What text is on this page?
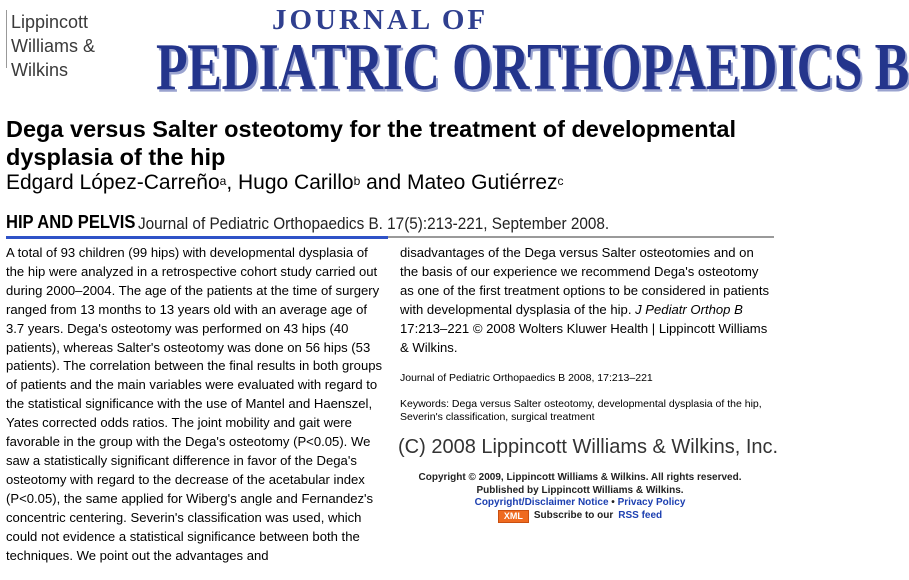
Lippincott
Williams & Wilkins
JOURNAL OF
PEDIATRIC ORTHOPAEDICS B
Dega versus Salter osteotomy for the treatment of developmental dysplasia of the hip
Edgard López-Carreño$^a$, Hugo Carillo$^b$ and Mateo Gutiérrez$^c$
HIP AND PELVIS Journal of Pediatric Orthopaedics B. 17(5):213-221, September 2008.

A total of 93 children (99 hips) with developmental dysplasia of the hip were analyzed in a retrospective cohort study carried out during 2000–2004. The age of the patients at the time of surgery ranged from 13 months to 13 years old with an average age of 3.7 years. Dega's osteotomy was performed on 43 hips (40 patients), whereas Salter's osteotomy was done on 56 hips (53 patients). The correlation between the final results in both groups of patients and the main variables were evaluated with regard to the statistical significance with the use of Mantel and Haenszel, Yates corrected odds ratios. The joint mobility and gait were favorable in the group with the Dega's osteotomy (P<0.05). We saw a statistically significant difference in favor of the Dega's osteotomy with regard to the decrease of the acetabular index (P<0.05), the same applied for Wiberg's angle and Fernandez's concentric centering. Severin's classification was used, which could not evidence a statistical significance between both the techniques. We point out the advantages and

disadvantages of the Dega versus Salter osteotomies and on the basis of our experience we recommend Dega's osteotomy as one of the first treatment options to be considered in patients with developmental dysplasia of the hip. J Pediatr Orthop B 17:213–221 © 2008 Wolters Kluwer Health | Lippincott Williams & Wilkins.

Journal of Pediatric Orthopaedics B 2008, 17:213–221
Keywords: Dega versus Salter osteotomy, developmental dysplasia of the hip, Severin's classification, surgical treatment
(C) 2008 Lippincott Williams & Wilkins, Inc.
Copyright © 2009, Lippincott Williams & Wilkins. All rights reserved.
Published by Lippincott Williams & Wilkins.
Copyright/Disclaimer Notice • Privacy Policy
XML	Subscribe to our RSS feed
